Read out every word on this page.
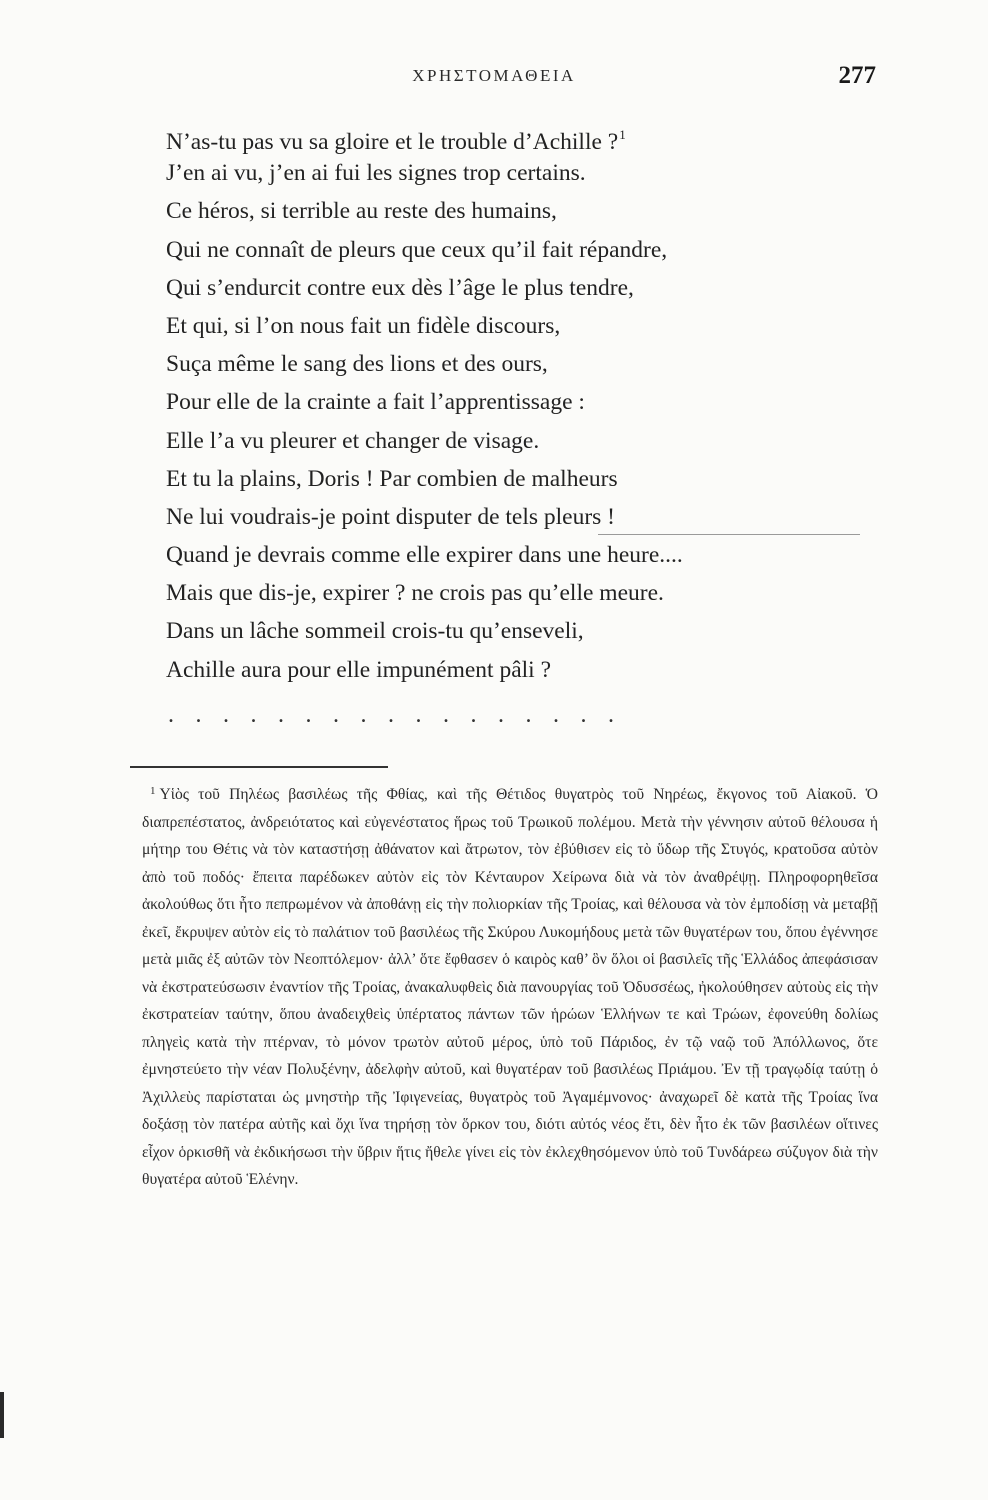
ΧΡΗΣΤΟΜΑΘΕΙΑ	277
N’as-tu pas vu sa gloire et le trouble d’Achille ?$^1$
J’en ai vu, j’en ai fui les signes trop certains.
Ce héros, si terrible au reste des humains,
Qui ne connaît de pleurs que ceux qu’il fait répandre,
Qui s’endurcit contre eux dès l’âge le plus tendre,
Et qui, si l’on nous fait un fidèle discours,
Suça même le sang des lions et des ours,
Pour elle de la crainte a fait l’apprentissage :
Elle l’a vu pleurer et changer de visage.
Et tu la plains, Doris ! Par combien de malheurs
Ne lui voudrais-je point disputer de tels pleurs !
Quand je devrais comme elle expirer dans une heure....
Mais que dis-je, expirer ? ne crois pas qu’elle meure.
Dans un lâche sommeil crois-tu qu’enseveli,
Achille aura pour elle impunément pâli ?
.................
$^1$ Υἱὸς τοῦ Πηλέως βασιλέως τῆς Φθίας, καὶ τῆς Θέτιδος θυγατρὸς τοῦ Νηρέως, ἔκγονος τοῦ Αἰακοῦ. Ὁ διαπρεπέστατος, ἀνδρειότατος καὶ εὐγενέστατος ἥρως τοῦ Τρωικοῦ πολέμου. Μετὰ τὴν γέννησιν αὐτοῦ θέλουσα ἡ μήτηρ του Θέτις νὰ τὸν καταστήσῃ ἀθάνατον καὶ ἄτρωτον, τὸν ἐβύθισεν εἰς τὸ ὕδωρ τῆς Στυγός, κρατοῦσα αὐτὸν ἀπὸ τοῦ ποδός· ἔπειτα παρέδωκεν αὐτὸν εἰς τὸν Κένταυρον Χείρωνα διὰ νὰ τὸν ἀναθρέψῃ. Πληροφορηθεῖσα ἀκολούθως ὅτι ἦτο πεπρωμένον νὰ ἀποθάνῃ εἰς τὴν πολιορκίαν τῆς Τροίας, καὶ θέλουσα νὰ τὸν ἐμποδίσῃ νὰ μεταβῇ ἐκεῖ, ἔκρυψεν αὐτὸν εἰς τὸ παλάτιον τοῦ βασιλέως τῆς Σκύρου Λυκομήδους μετὰ τῶν θυγατέρων του, ὅπου ἐγέννησε μετὰ μιᾶς ἐξ αὐτῶν τὸν Νεοπτόλεμον· ἀλλ’ ὅτε ἔφθασεν ὁ καιρὸς καθ’ ὃν ὅλοι οἱ βασιλεῖς τῆς Ἑλλάδος ἀπεφάσισαν νὰ ἐκστρατεύσωσιν ἐναντίον τῆς Τροίας, ἀνακαλυφθεὶς διὰ πανουργίας τοῦ Ὀδυσσέως, ἠκολούθησεν αὐτοὺς εἰς τὴν ἐκστρατείαν ταύτην, ὅπου ἀναδειχθεὶς ὑπέρτατος πάντων τῶν ἡρώων Ἑλλήνων τε καὶ Τρώων, ἐφονεύθη δολίως πληγεὶς κατὰ τὴν πτέρναν, τὸ μόνον τρωτὸν αὐτοῦ μέρος, ὑπὸ τοῦ Πάριδος, ἐν τῷ ναῷ τοῦ Ἀπόλλωνος, ὅτε ἐμνηστεύετο τὴν νέαν Πολυξένην, ἀδελφὴν αὐτοῦ, καὶ θυγατέραν τοῦ βασιλέως Πριάμου. Ἐν τῇ τραγῳδίᾳ ταύτῃ ὁ Ἀχιλλεὺς παρίσταται ὡς μνηστὴρ τῆς Ἰφιγενείας, θυγατρὸς τοῦ Ἀγαμέμνονος· ἀναχωρεῖ δὲ κατὰ τῆς Τροίας ἵνα δοξάσῃ τὸν πατέρα αὐτῆς καὶ ὄχι ἵνα τηρήσῃ τὸν ὅρκον του, διότι αὐτός νέος ἔτι, δὲν ἦτο ἐκ τῶν βασιλέων οἵτινες εἶχον ὁρκισθῆ νὰ ἐκδικήσωσι τὴν ὕβριν ἥτις ἤθελε γίνει εἰς τὸν ἐκλεχθησόμενον ὑπὸ τοῦ Τυνδάρεω σύζυγον διὰ τὴν θυγατέρα αὐτοῦ Ἑλένην.
